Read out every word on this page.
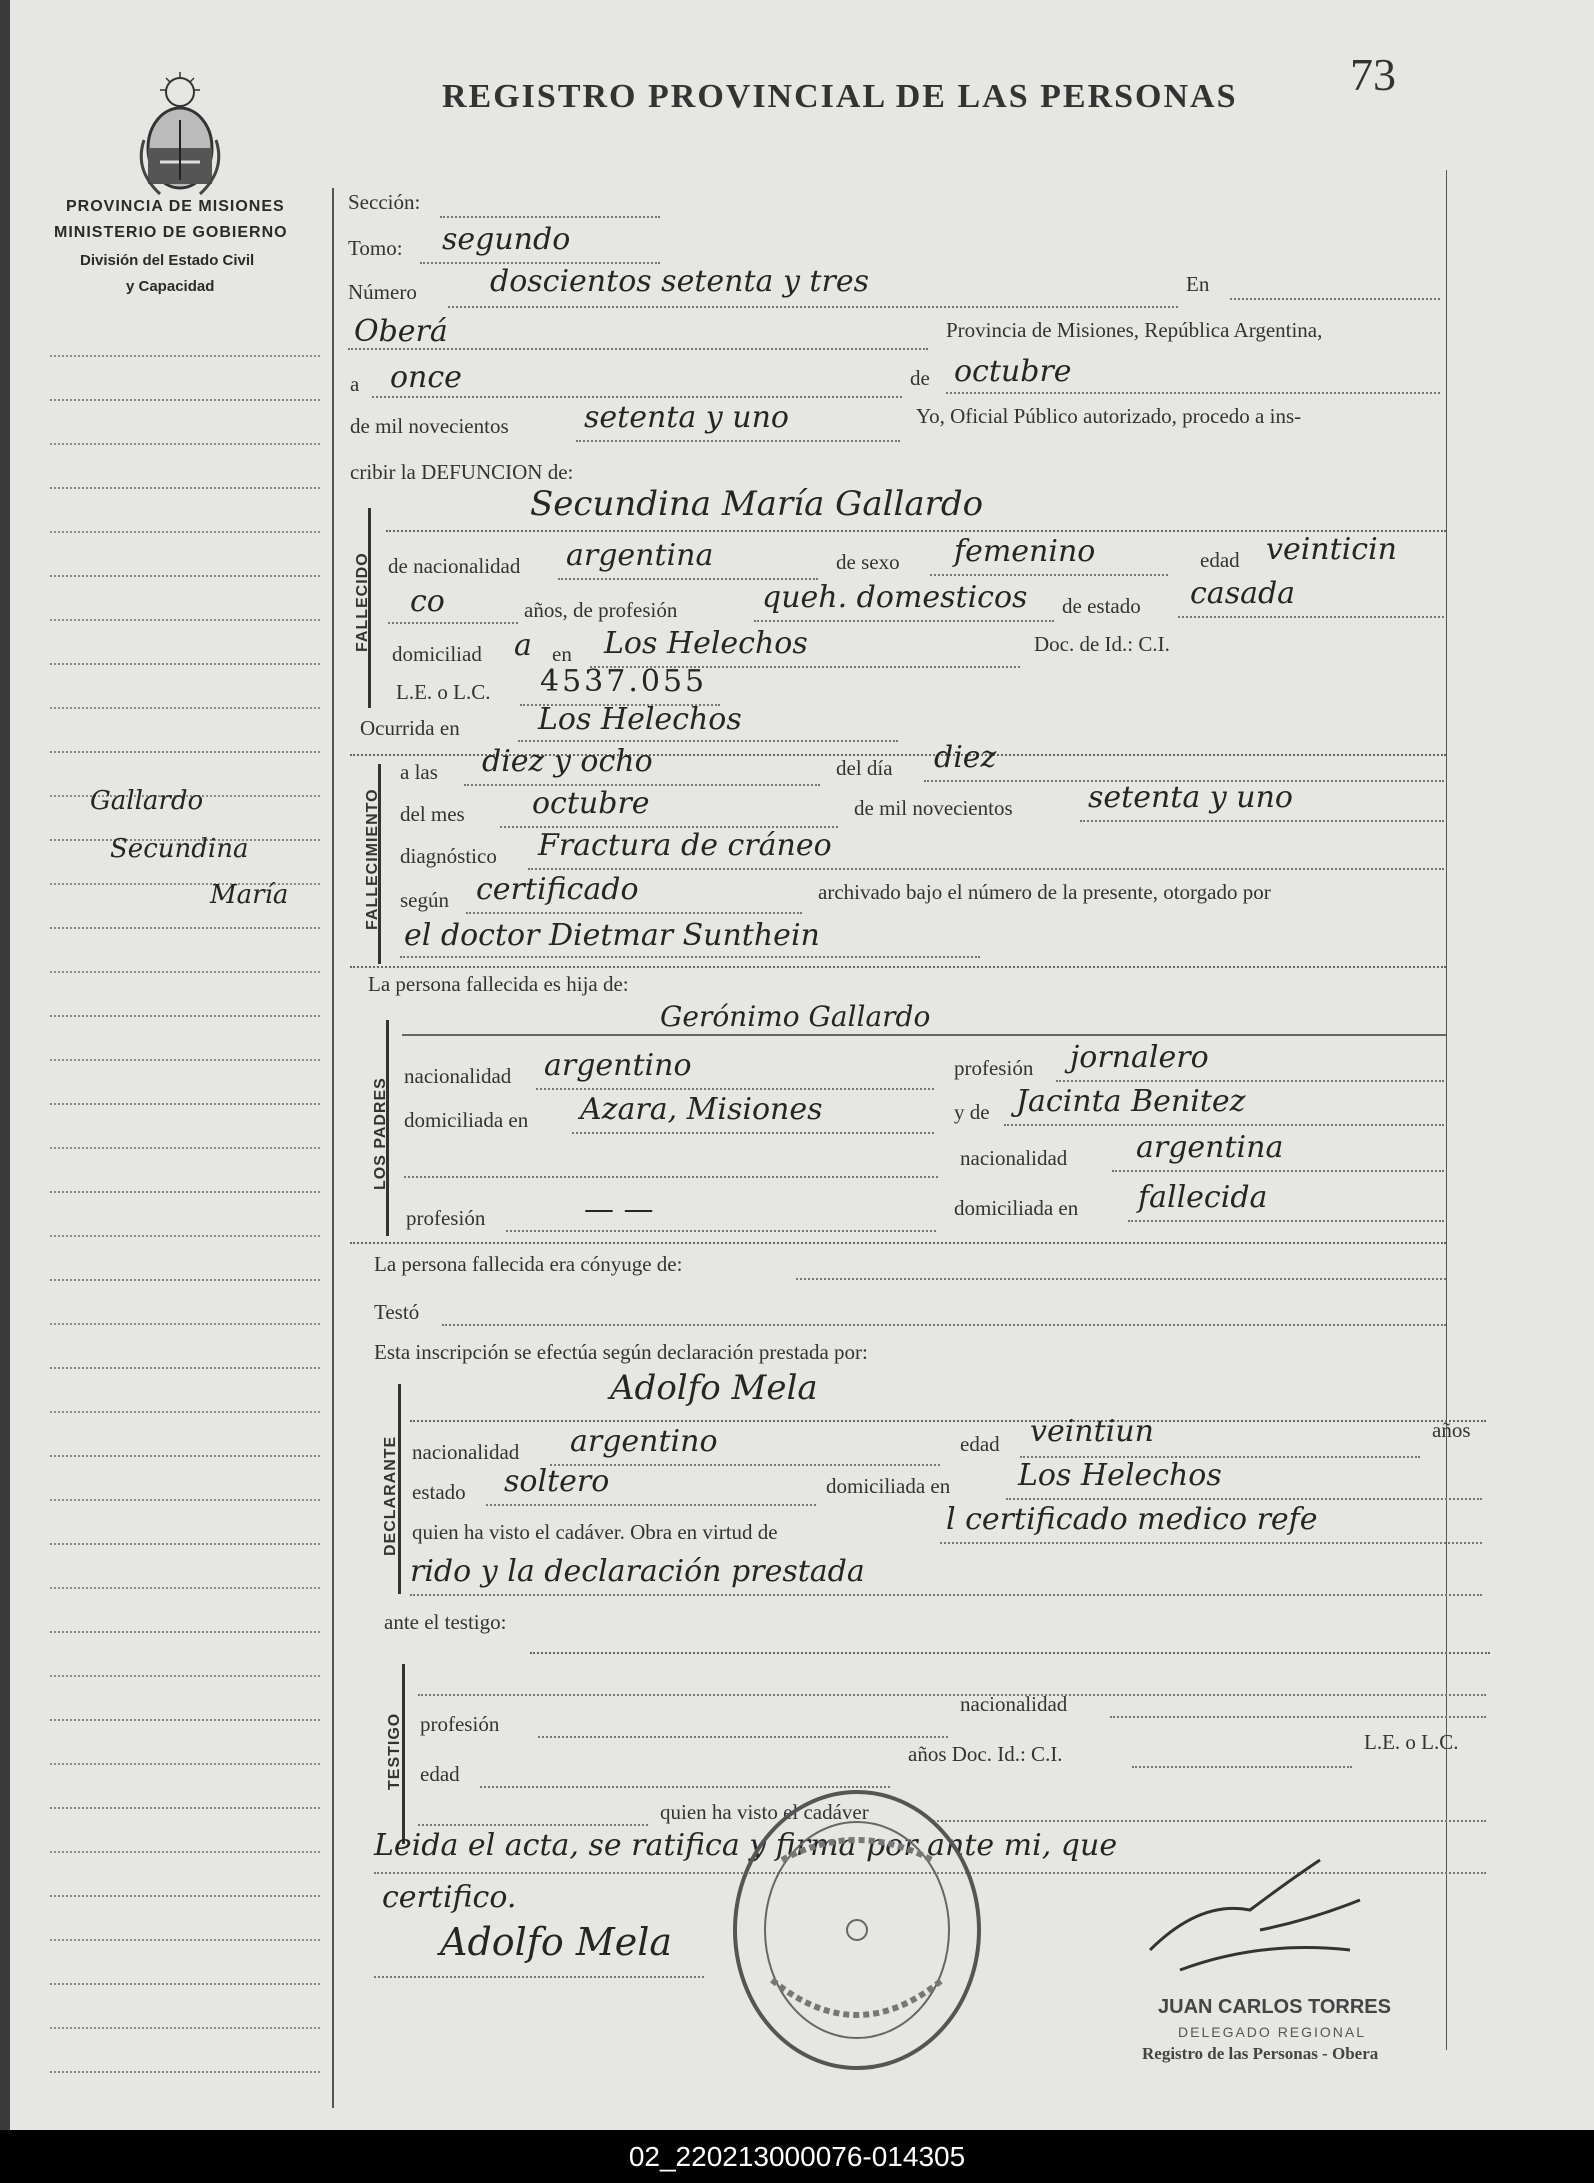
PROVINCIA DE MISIONES
MINISTERIO DE GOBIERNO
División del Estado Civil
y Capacidad
REGISTRO PROVINCIAL DE LAS PERSONAS 73
Gallardo
Secundina
María
Sección:
Tomo: segundo
Número doscientos setenta y tres	En
Oberá	Provincia de Misiones, República Argentina,
a once	de octubre
de mil novecientos	setenta y uno	Yo, Oficial Público autorizado, procedo a ins-
cribir la DEFUNCION de:
FALLECIDO
Secundina María Gallardo
de nacionalidad argentina	de sexo femenino	edad veinticin
co	años, de profesión	queh. domesticos de estado casada
domiciliad a en Los Helechos	Doc. de Id.: C.I.
L.E. o L.C. 4537.055
Ocurrida en	Los Helechos
FALLECIMIENTO
a las diez y ocho	del día diez
del mes octubre	de mil novecientos	setenta y uno
diagnóstico Fractura de cráneo
según certificado	archivado bajo el número de la presente, otorgado por
el doctor Dietmar Sunthein
La persona fallecida es hija de:
LOS PADRES
Gerónimo Gallardo
nacionalidad argentino	profesión jornalero
domiciliada en Azara, Misiones	y de Jacinta Benitez
nacionalidad argentina
profesión	— —	domiciliada en fallecida
La persona fallecida era cónyuge de:
Testó
Esta inscripción se efectúa según declaración prestada por:
DECLARANTE
Adolfo Mela
nacionalidad argentino	edad veintiun	años
estado soltero	domiciliada en Los Helechos
quien ha visto el cadáver. Obra en virtud de	l certificado medico refe
rido y la declaración prestada
ante el testigo:
TESTIGO profesión
nacionalidad
edad
años Doc. Id.: C.I.	L.E. o L.C.
quien ha visto el cadáver
Leida el acta, se ratifica y firma por ante mi, que
certifico.
Adolfo Mela
JUAN CARLOS TORRES
DELEGADO REGIONAL
Registro de las Personas - Obera
02_220213000076-014305
